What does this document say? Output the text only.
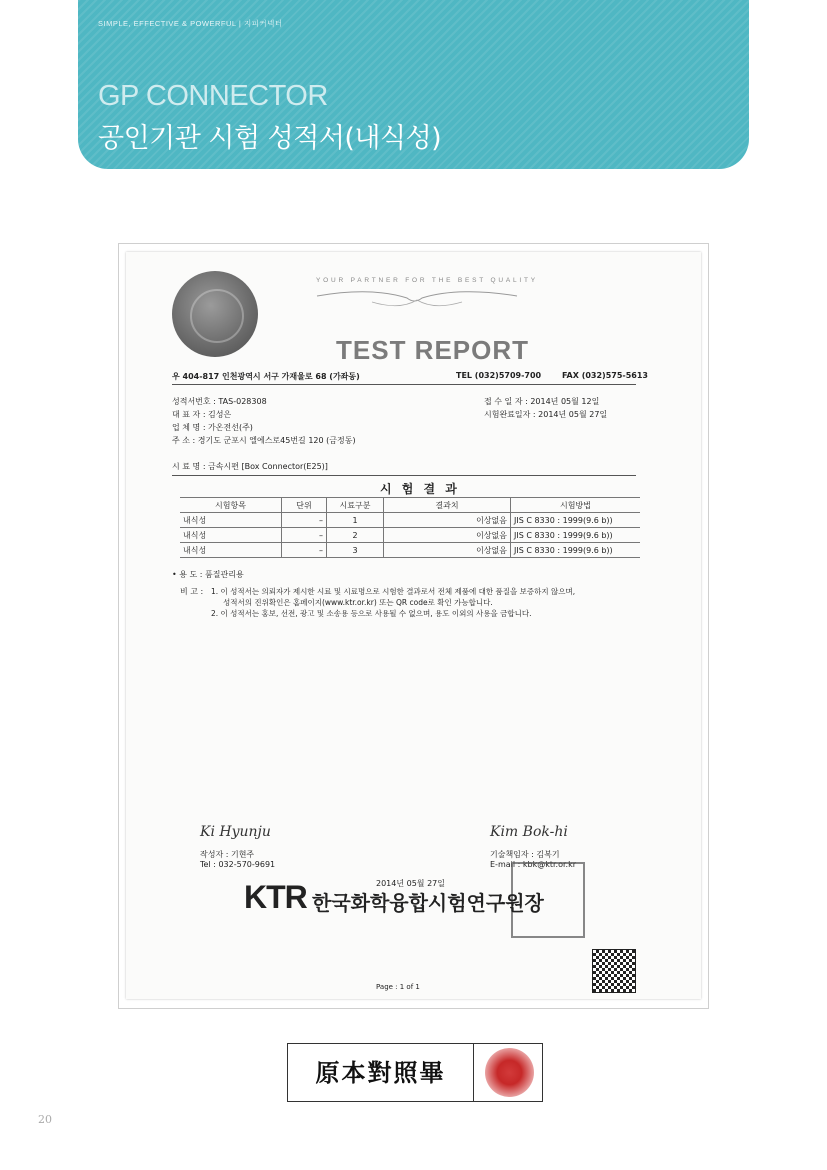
SIMPLE, EFFECTIVE & POWERFUL | 지피커넥터
GP CONNECTOR
공인기관 시험 성적서(내식성)
YOUR PARTNER FOR THE BEST QUALITY
TEST REPORT
우 404-817 인천광역시 서구 가재울로 68 (가좌동)	TEL (032)5709-700	FAX (032)575-5613
성적서번호 : TAS-028308
대 표 자 : 김성은
업 체 명 : 가온전선(주)
주 소 : 경기도 군포시 엘에스로45번길 120 (금정동)
접 수 일 자 : 2014년 05월 12일
시험완료일자 : 2014년 05월 27일
시 료 명 : 금속시편 [Box Connector(E25)]
시 험 결 과
시험항목	단위	시료구분	결과치	시험방법
내식성	–	1	이상없음	JIS C 8330 : 1999(9.6 b))
내식성	–	2	이상없음	JIS C 8330 : 1999(9.6 b))
내식성	–	3	이상없음	JIS C 8330 : 1999(9.6 b))
• 용 도 : 품질관리용
비 고 : 1. 이 성적서는 의뢰자가 제시한 시료 및 시료명으로 시험한 결과로서 전체 제품에 대한 품질을 보증하지 않으며,
성적서의 진위확인은 홈페이지(www.ktr.or.kr) 또는 QR code로 확인 가능합니다.
2. 이 성적서는 홍보, 선전, 광고 및 소송용 등으로 사용될 수 없으며, 용도 이외의 사용을 금합니다.
Ki Hyunju
작성자 : 기현주
Tel : 032-570-9691
Kim Bok-hi
기술책임자 : 김복기
E-mail : kbk@ktr.or.kr
2014년 05월 27일
KTR 한국화학융합시험연구원장
Page : 1 of 1
原本對照畢
20
